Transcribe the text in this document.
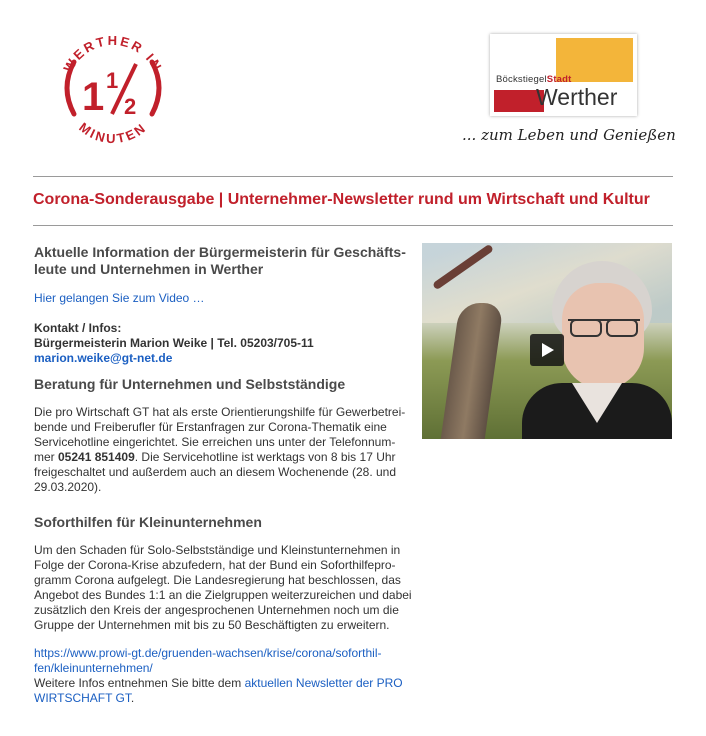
WERTHER IN
MINUTEN
1 1
2
BöckstiegelStadt
Werther
... zum Leben und Genießen
Corona-Sonderausgabe | Unternehmer-Newsletter rund um Wirtschaft und Kultur
Aktuelle Information der Bürgermeisterin für Geschäfts-
leute und Unternehmen in Werther
Hier gelangen Sie zum Video …

Kontakt / Infos:

Bürgermeisterin Marion Weike | Tel. 05203/705-11

marion.weike@gt-net.de

Beratung für Unternehmen und Selbstständige

Die pro Wirtschaft GT hat als erste Orientierungshilfe für Gewerbetrei-
bende und Freiberufler für Erstanfragen zur Corona-Thematik eine
Servicehotline eingerichtet. Sie erreichen uns unter der Telefonnum-
mer 05241 851409. Die Servicehotline ist werktags von 8 bis 17 Uhr
freigeschaltet und außerdem auch an diesem Wochenende (28. und
29.03.2020).

Soforthilfen für Kleinunternehmen

Um den Schaden für Solo-Selbstständige und Kleinstunternehmen in
Folge der Corona-Krise abzufedern, hat der Bund ein Soforthilfepro-
gramm Corona aufgelegt. Die Landesregierung hat beschlossen, das
Angebot des Bundes 1:1 an die Zielgruppen weiterzureichen und dabei
zusätzlich den Kreis der angesprochenen Unternehmen noch um die
Gruppe der Unternehmen mit bis zu 50 Beschäftigten zu erweitern.

https://www.prowi-gt.de/gruenden-wachsen/krise/corona/soforthil-
fen/kleinunternehmen/

Weitere Infos entnehmen Sie bitte dem aktuellen Newsletter der PRO
WIRTSCHAFT GT.
